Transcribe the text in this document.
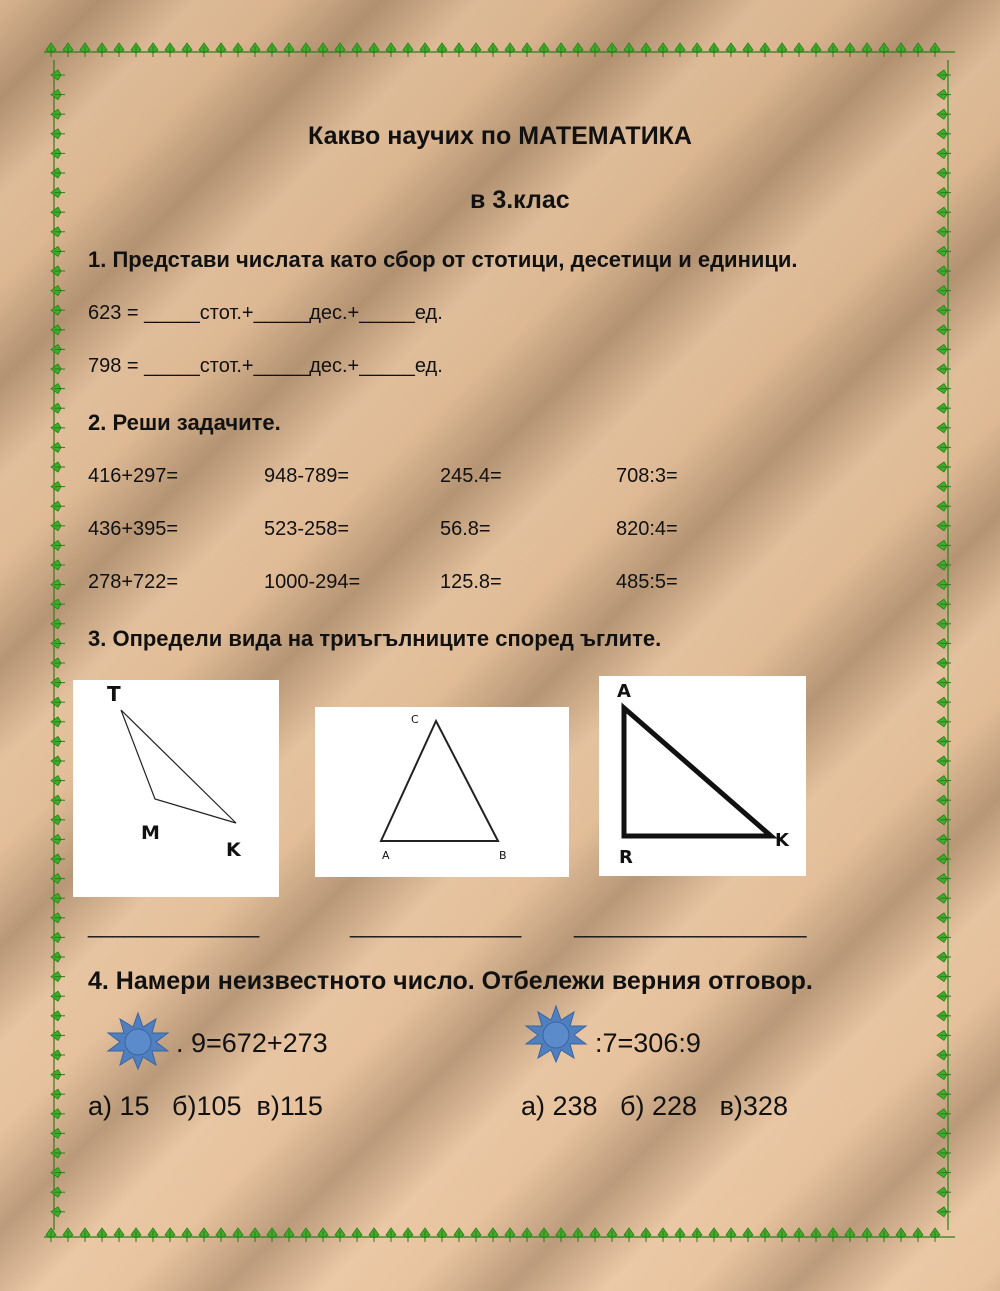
Какво научих по МАТЕМАТИКА
в 3.клас
1. Представи числата като сбор от стотици, десетици и единици.
623 = _____стот.+_____дес.+_____ед.
798 = _____стот.+_____дес.+_____ед.
2. Реши задачите.
416+297=	948-789=	245.4=	708:3=
436+395=	523-258=	56.8=	820:4=
278+722=	1000-294=	125.8=	485:5=
3. Определи вида на триъгълниците според ъглите.
T
M
K
C
A	B
A
R
K
______________	______________ ___________________
4. Намери неизвестното число. Отбележи верния отговор.
. 9=672+273	:7=306:9
а) 15   б)105  в)115	а) 238   б) 228   в)328
